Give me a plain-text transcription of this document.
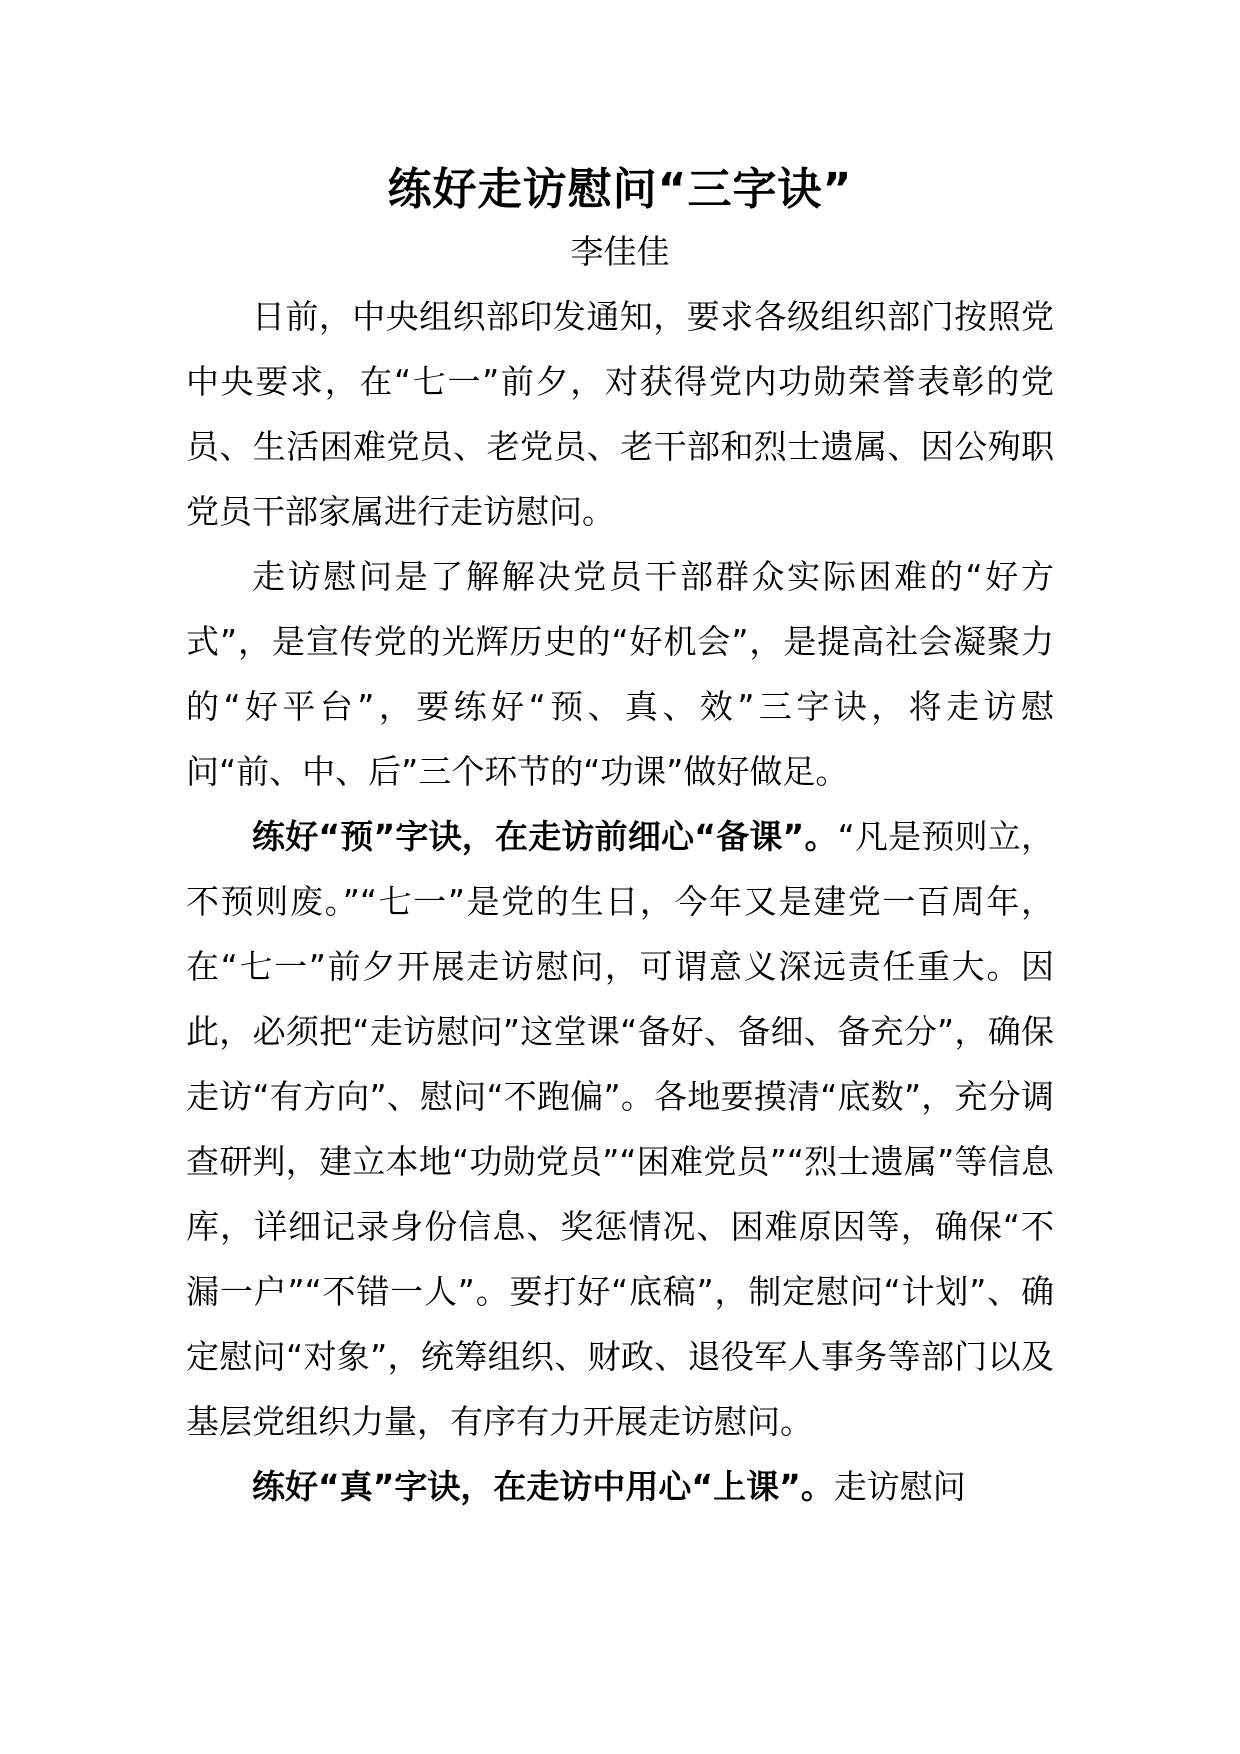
练好走访慰问“三字诀”

李佳佳

日前，中央组织部印发通知，要求各级组织部门按照党中央要求，在“七一”前夕，对获得党内功勋荣誉表彰的党员、生活困难党员、老党员、老干部和烈士遗属、因公殉职党员干部家属进行走访慰问。

走访慰问是了解解决党员干部群众实际困难的“好方式”，是宣传党的光辉历史的“好机会”，是提高社会凝聚力的“好平台”，要练好“预、真、效”三字诀，将走访慰问“前、中、后”三个环节的“功课”做好做足。

练好“预”字诀，在走访前细心“备课”。“凡是预则立，不预则废。”“七一”是党的生日，今年又是建党一百周年，在“七一”前夕开展走访慰问，可谓意义深远责任重大。因此，必须把“走访慰问”这堂课“备好、备细、备充分”，确保走访“有方向”、慰问“不跑偏”。各地要摸清“底数”，充分调查研判，建立本地“功勋党员”“困难党员”“烈士遗属”等信息库，详细记录身份信息、奖惩情况、困难原因等，确保“不漏一户”“不错一人”。要打好“底稿”，制定慰问“计划”、确定慰问“对象”，统筹组织、财政、退役军人事务等部门以及基层党组织力量，有序有力开展走访慰问。

练好“真”字诀，在走访中用心“上课”。走访慰问
